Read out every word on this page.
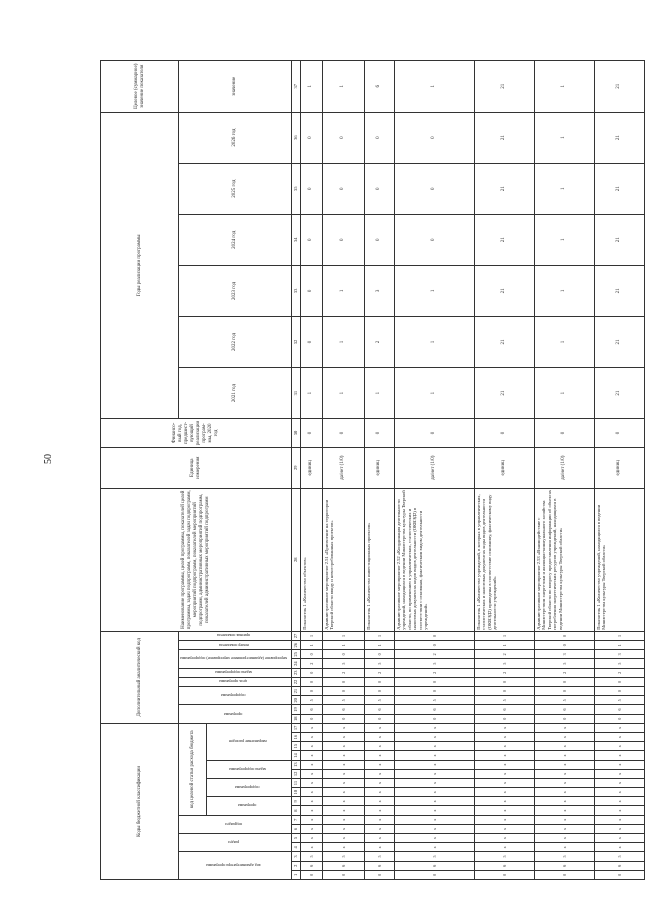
50
Коды бюджетной классификации																	Дополнительный аналитический код										Наименование программы, целей программы, показателей целей программы, задач подпрограмм, показателей задач подпрограмм, мероприятий подпрограмм, показателей мероприятий подпрограмм, административных мероприятий подпрограмм, показателей административных мероприятий подпрограмм	Единица измерения	Финансо-вый год, предшест-вующий реализации програм-мы, 2020 год	Годы реализации программы						Целевое (суммарное) значение показателя
код администратора программы			раздел		подраздел		код целевой статьи расхода бюджета										программа		подпрограмма		цель программы	задача подпрограммы	мероприятие (административное мероприятие) подпрограммы		номер показателя	признак показателя				2021 год	2022 год	2023 год	2024 год	2025 год	2026 год	значение
							программа		подпрограмма		задача подпрограммы		направление расходов																							
1	2	3	4	5	6	7	8	9	10	11	12	13	14	15	16	17	18	19	20	21	22	23	24	25	26	27	28	29	30	31	32	33	34	35	36	37
0	6	5	х	х	х	х	х	х	х	х	х	х	х	х	х	х	0	6	5	0	0	0	2	0	1	1	Показатель 1 «Количество объектов»	единиц	0	1	0	0	0	0	0	1
0	6	5	х	х	х	х	х	х	х	х	х	х	х	х	х	х	0	6	5	0	0	2	5	0	1	1	Административное мероприятие 2.51 «Присвоение на территории Тверской области ввиду и невостребованных проектов»	да/нет (1/0)	0	1	1	1	0	0	0	1
0	6	5	х	х	х	х	х	х	х	х	х	х	х	х	х	х	0	6	5	0	0	2	5	0	1	1	Показатель 1 «Количество инвестиционных проектов»	единиц	0	1	2	3	0	0	0	6
0	6	5	х	х	х	х	х	х	х	х	х	х	х	х	х	х	0	6	5	0	0	2	5	2	0	0	Административное мероприятие 2.52 «Координация деятельности учреждений, находящихся в ведении Министерства культуры Тверской области, по применению в управленческих, статистических и налоговых документах кодов видов деятельности (ОКВЭД2) в соответствии с основным, фактическим видом деятельности учреждений»	да/нет (1/0)	0	1	1	1	0	0	0	1
0	6	5	х	х	х	х	х	х	х	х	х	х	х	х	х	х	0	6	5	0	0	2	5	2	1	1	Показатель 1 «Количество учреждений, в которых в управленческих, статистических и налоговых документах коды видов деятельности (ОКВЭД2) приведены в соответствие основному, фактическому виду деятельности учреждений»	единиц	0	21	21	21	21	21	21	21
0	6	5	х	х	х	х	х	х	х	х	х	х	х	х	х	х	0	6	5	0	0	2	5	3	0	0	Административное мероприятие 2.53 «Взаимодействие с Министерством энергетики и жилищно-коммунального хозяйства Тверской области по вопросу предоставления информации об объектах потребления энергетических ресурсов учреждений, находящихся в ведении Министерства культуры Тверской области»	да/нет (1/0)	0	1	1	1	1	1	1	1
0	6	5	х	х	х	х	х	х	х	х	х	х	х	х	х	х	0	6	5	0	0	2	5	3	1	1	Показатель 1 «Количество учреждений, находящихся в ведении Министерства культуры Тверской области»	единиц	0	21	21	21	21	21	21	21
